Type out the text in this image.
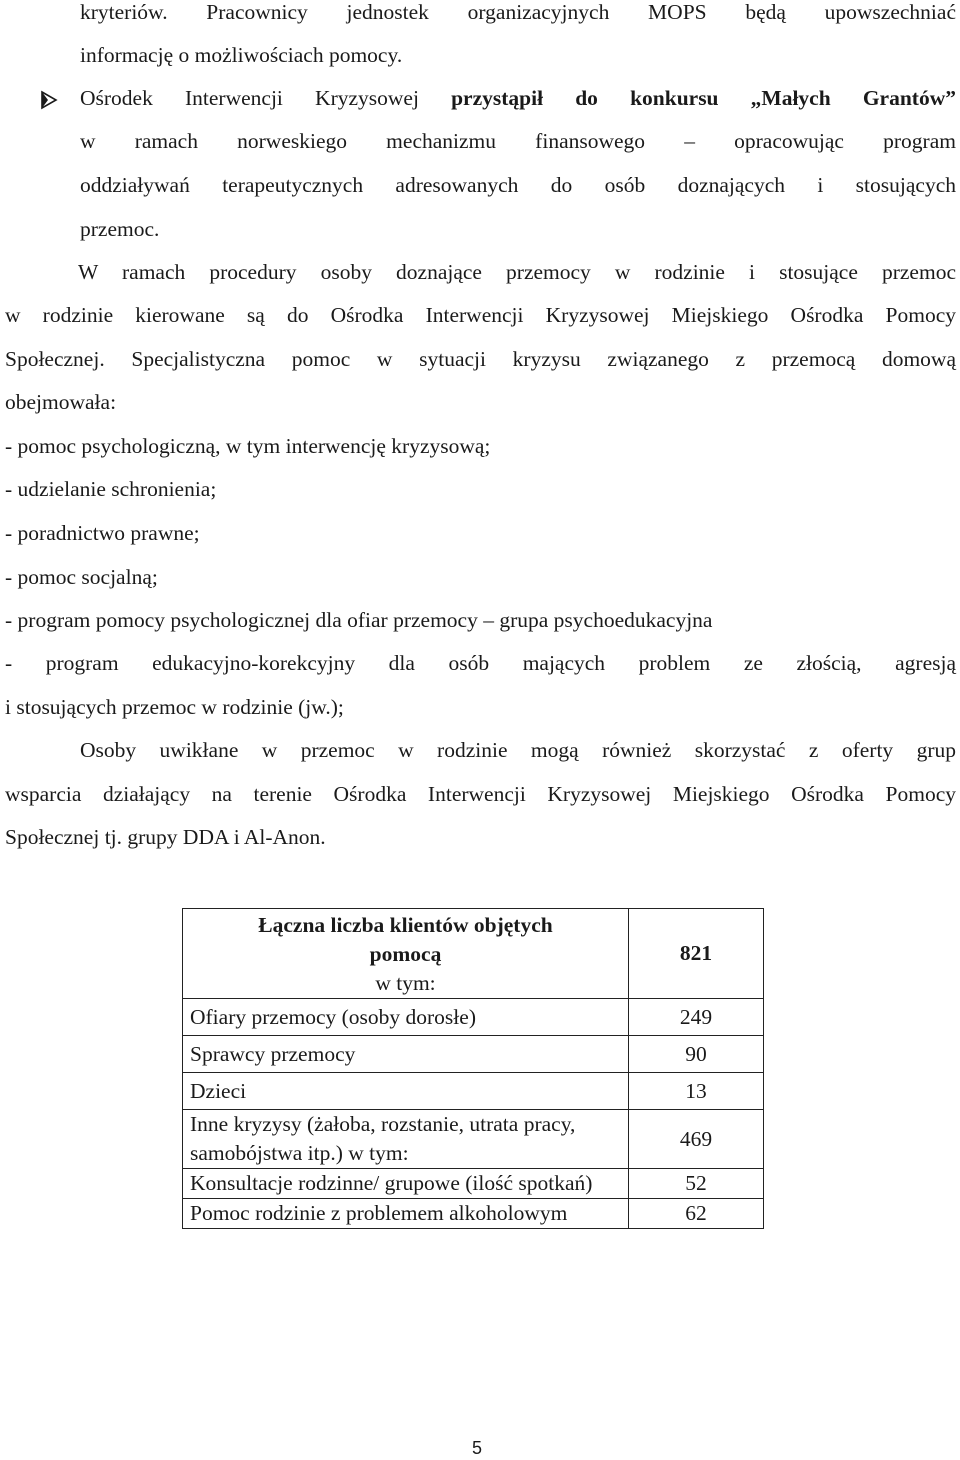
kryteriów. Pracownicy jednostek organizacyjnych MOPS będą upowszechniać
informację o możliwościach pomocy.
Ośrodek Interwencji Kryzysowej przystąpił do konkursu „Małych Grantów”
w ramach norweskiego mechanizmu finansowego – opracowując program
oddziaływań terapeutycznych adresowanych do osób doznających i stosujących
przemoc.
W ramach procedury osoby doznające przemocy w rodzinie i stosujące przemoc
w rodzinie kierowane są do Ośrodka Interwencji Kryzysowej Miejskiego Ośrodka Pomocy
Społecznej. Specjalistyczna pomoc w sytuacji kryzysu związanego z przemocą domową
obejmowała:
- pomoc psychologiczną, w tym interwencję kryzysową;
- udzielanie schronienia;
- poradnictwo prawne;
- pomoc socjalną;
- program pomocy psychologicznej dla ofiar przemocy – grupa psychoedukacyjna
- program edukacyjno-korekcyjny dla osób mających problem ze złością, agresją
i stosujących przemoc w rodzinie (jw.);
Osoby uwikłane w przemoc w rodzinie mogą również skorzystać z oferty grup
wsparcia działający na terenie Ośrodka Interwencji Kryzysowej Miejskiego Ośrodka Pomocy
Społecznej tj. grupy DDA i Al-Anon.
Łączna liczba klientów objętych
pomocą
w tym:	821
Ofiary przemocy (osoby dorosłe)	249
Sprawcy przemocy	90
Dzieci	13
Inne kryzysy (żałoba, rozstanie, utrata pracy, samobójstwa itp.) w tym:	469
Konsultacje rodzinne/ grupowe (ilość spotkań)	52
Pomoc rodzinie z problemem alkoholowym	62
5
